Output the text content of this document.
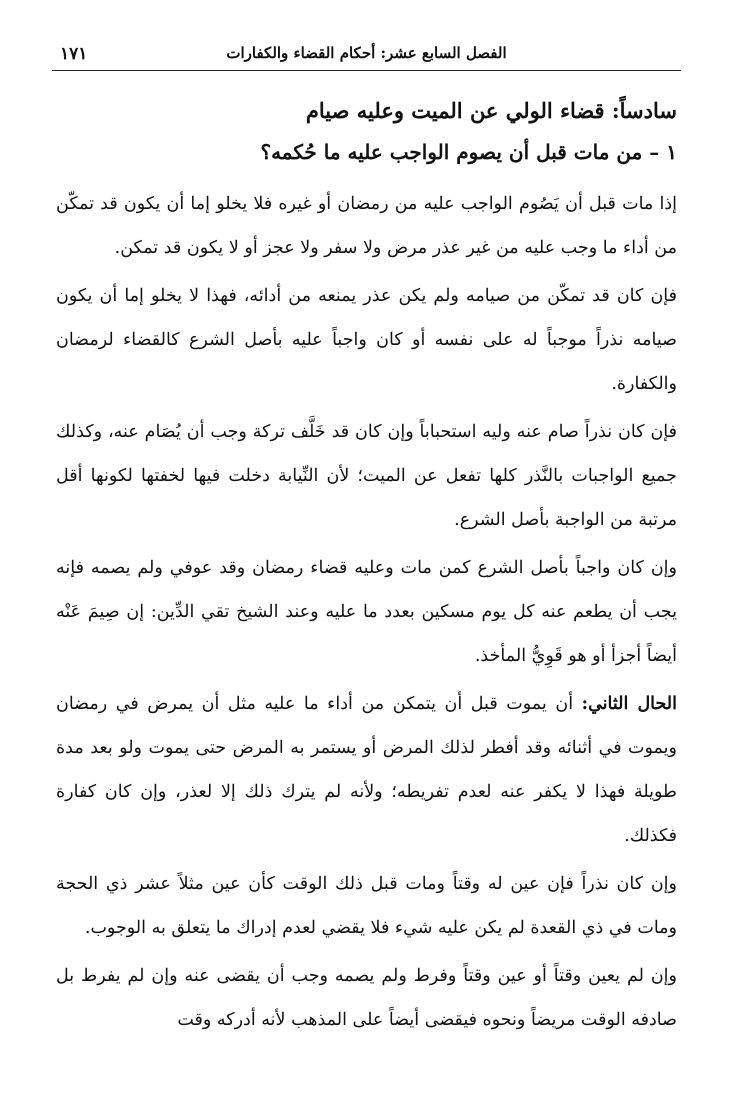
الفصل السابع عشر: أحكام القضاء والكفارات
١٧١
سادساً: قضاء الولي عن الميت وعليه صيام
١ – من مات قبل أن يصوم الواجب عليه ما حُكمه؟

إذا مات قبل أن يَصُوم الواجب عليه من رمضان أو غيره فلا يخلو إما أن يكون قد تمكّن من أداء ما وجب عليه من غير عذر مرض ولا سفر ولا عجز أو لا يكون قد تمكن.

فإن كان قد تمكّن من صيامه ولم يكن عذر يمنعه من أدائه، فهذا لا يخلو إما أن يكون صيامه نذراً موجباً له على نفسه أو كان واجباً عليه بأصل الشرع كالقضاء لرمضان والكفارة.

فإن كان نذراً صام عنه وليه استحباباً وإن كان قد خَلَّف تركة وجب أن يُصَام عنه، وكذلك جميع الواجبات بالنَّذر كلها تفعل عن الميت؛ لأن النِّيابة دخلت فيها لخفتها لكونها أقل مرتبة من الواجبة بأصل الشرع.

وإن كان واجباً بأصل الشرع كمن مات وعليه قضاء رمضان وقد عوفي ولم يصمه فإنه يجب أن يطعم عنه كل يوم مسكين بعدد ما عليه وعند الشيخ تقي الدِّين: إن صِيمَ عَنْه أيضاً أجزأ أو هو قَوِيُّ المأخذ.

الحال الثاني: أن يموت قبل أن يتمكن من أداء ما عليه مثل أن يمرض في رمضان ويموت في أثنائه وقد أفطر لذلك المرض أو يستمر به المرض حتى يموت ولو بعد مدة طويلة فهذا لا يكفر عنه لعدم تفريطه؛ ولأنه لم يترك ذلك إلا لعذر، وإن كان كفارة فكذلك.

وإن كان نذراً فإن عين له وقتاً ومات قبل ذلك الوقت كأن عين مثلاً عشر ذي الحجة ومات في ذي القعدة لم يكن عليه شيء فلا يقضي لعدم إدراك ما يتعلق به الوجوب.

وإن لم يعين وقتاً أو عين وقتاً وفرط ولم يصمه وجب أن يقضى عنه وإن لم يفرط بل صادفه الوقت مريضاً ونحوه فيقضى أيضاً على المذهب لأنه أدركه وقت
